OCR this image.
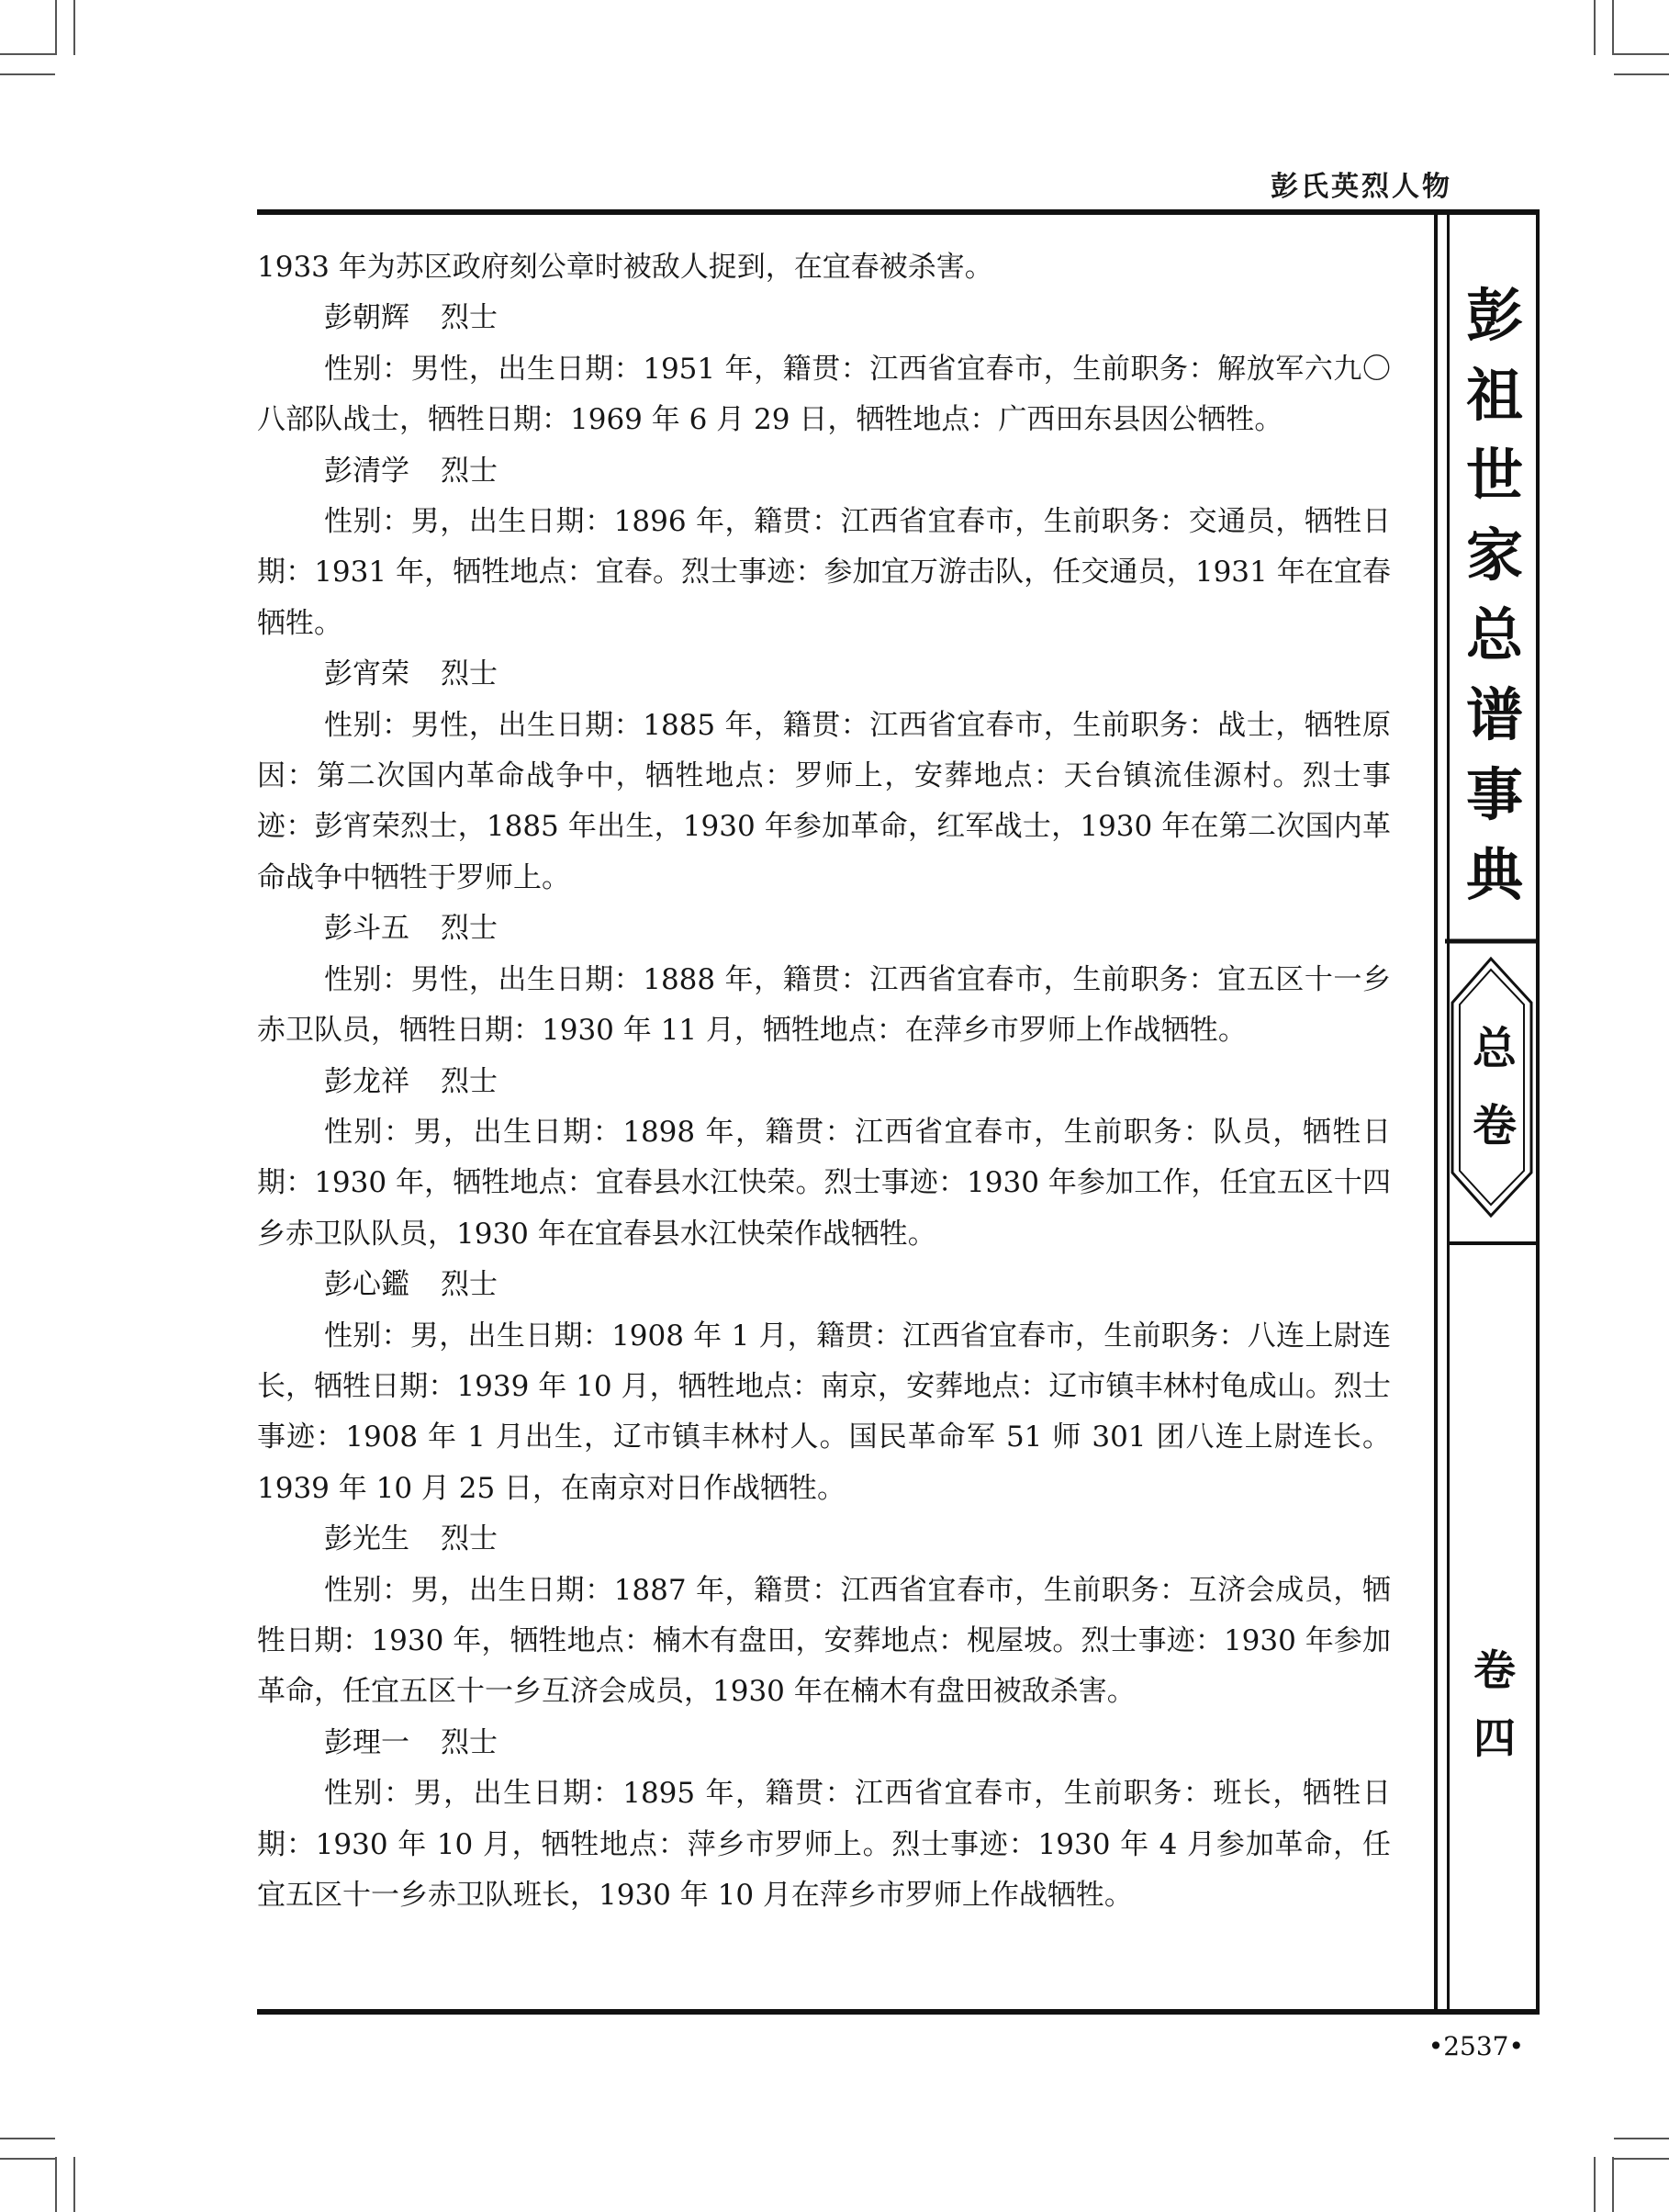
彭氏英烈人物
彭
祖
世
家
总
谱
事
典
总
卷
卷
四

1933 年为苏区政府刻公章时被敌人捉到，在宜春被杀害。

彭朝辉 烈士

性别：男性，出生日期：1951 年，籍贯：江西省宜春市，生前职务：解放军六九〇八部队战士，牺牲日期：1969 年 6 月 29 日，牺牲地点：广西田东县因公牺牲。

彭清学 烈士

性别：男，出生日期：1896 年，籍贯：江西省宜春市，生前职务：交通员，牺牲日期：1931 年，牺牲地点：宜春。烈士事迹：参加宜万游击队，任交通员，1931 年在宜春牺牲。

彭宵荣 烈士

性别：男性，出生日期：1885 年，籍贯：江西省宜春市，生前职务：战士，牺牲原因：第二次国内革命战争中，牺牲地点：罗师上，安葬地点：天台镇流佳源村。烈士事迹：彭宵荣烈士，1885 年出生，1930 年参加革命，红军战士，1930 年在第二次国内革命战争中牺牲于罗师上。

彭斗五 烈士

性别：男性，出生日期：1888 年，籍贯：江西省宜春市，生前职务：宜五区十一乡赤卫队员，牺牲日期：1930 年 11 月，牺牲地点：在萍乡市罗师上作战牺牲。

彭龙祥 烈士

性别：男，出生日期：1898 年，籍贯：江西省宜春市，生前职务：队员，牺牲日期：1930 年，牺牲地点：宜春县水江快荣。烈士事迹：1930 年参加工作，任宜五区十四乡赤卫队队员，1930 年在宜春县水江快荣作战牺牲。

彭心鑑 烈士

性别：男，出生日期：1908 年 1 月，籍贯：江西省宜春市，生前职务：八连上尉连长，牺牲日期：1939 年 10 月，牺牲地点：南京，安葬地点：辽市镇丰林村龟成山。烈士事迹：1908 年 1 月出生，辽市镇丰林村人。国民革命军 51 师 301 团八连上尉连长。1939 年 10 月 25 日，在南京对日作战牺牲。

彭光生 烈士

性别：男，出生日期：1887 年，籍贯：江西省宜春市，生前职务：互济会成员，牺牲日期：1930 年，牺牲地点：楠木有盘田，安葬地点：枧屋坡。烈士事迹：1930 年参加革命，任宜五区十一乡互济会成员，1930 年在楠木有盘田被敌杀害。

彭理一 烈士

性别：男，出生日期：1895 年，籍贯：江西省宜春市，生前职务：班长，牺牲日期：1930 年 10 月，牺牲地点：萍乡市罗师上。烈士事迹：1930 年 4 月参加革命，任宜五区十一乡赤卫队班长，1930 年 10 月在萍乡市罗师上作战牺牲。

•2537•
